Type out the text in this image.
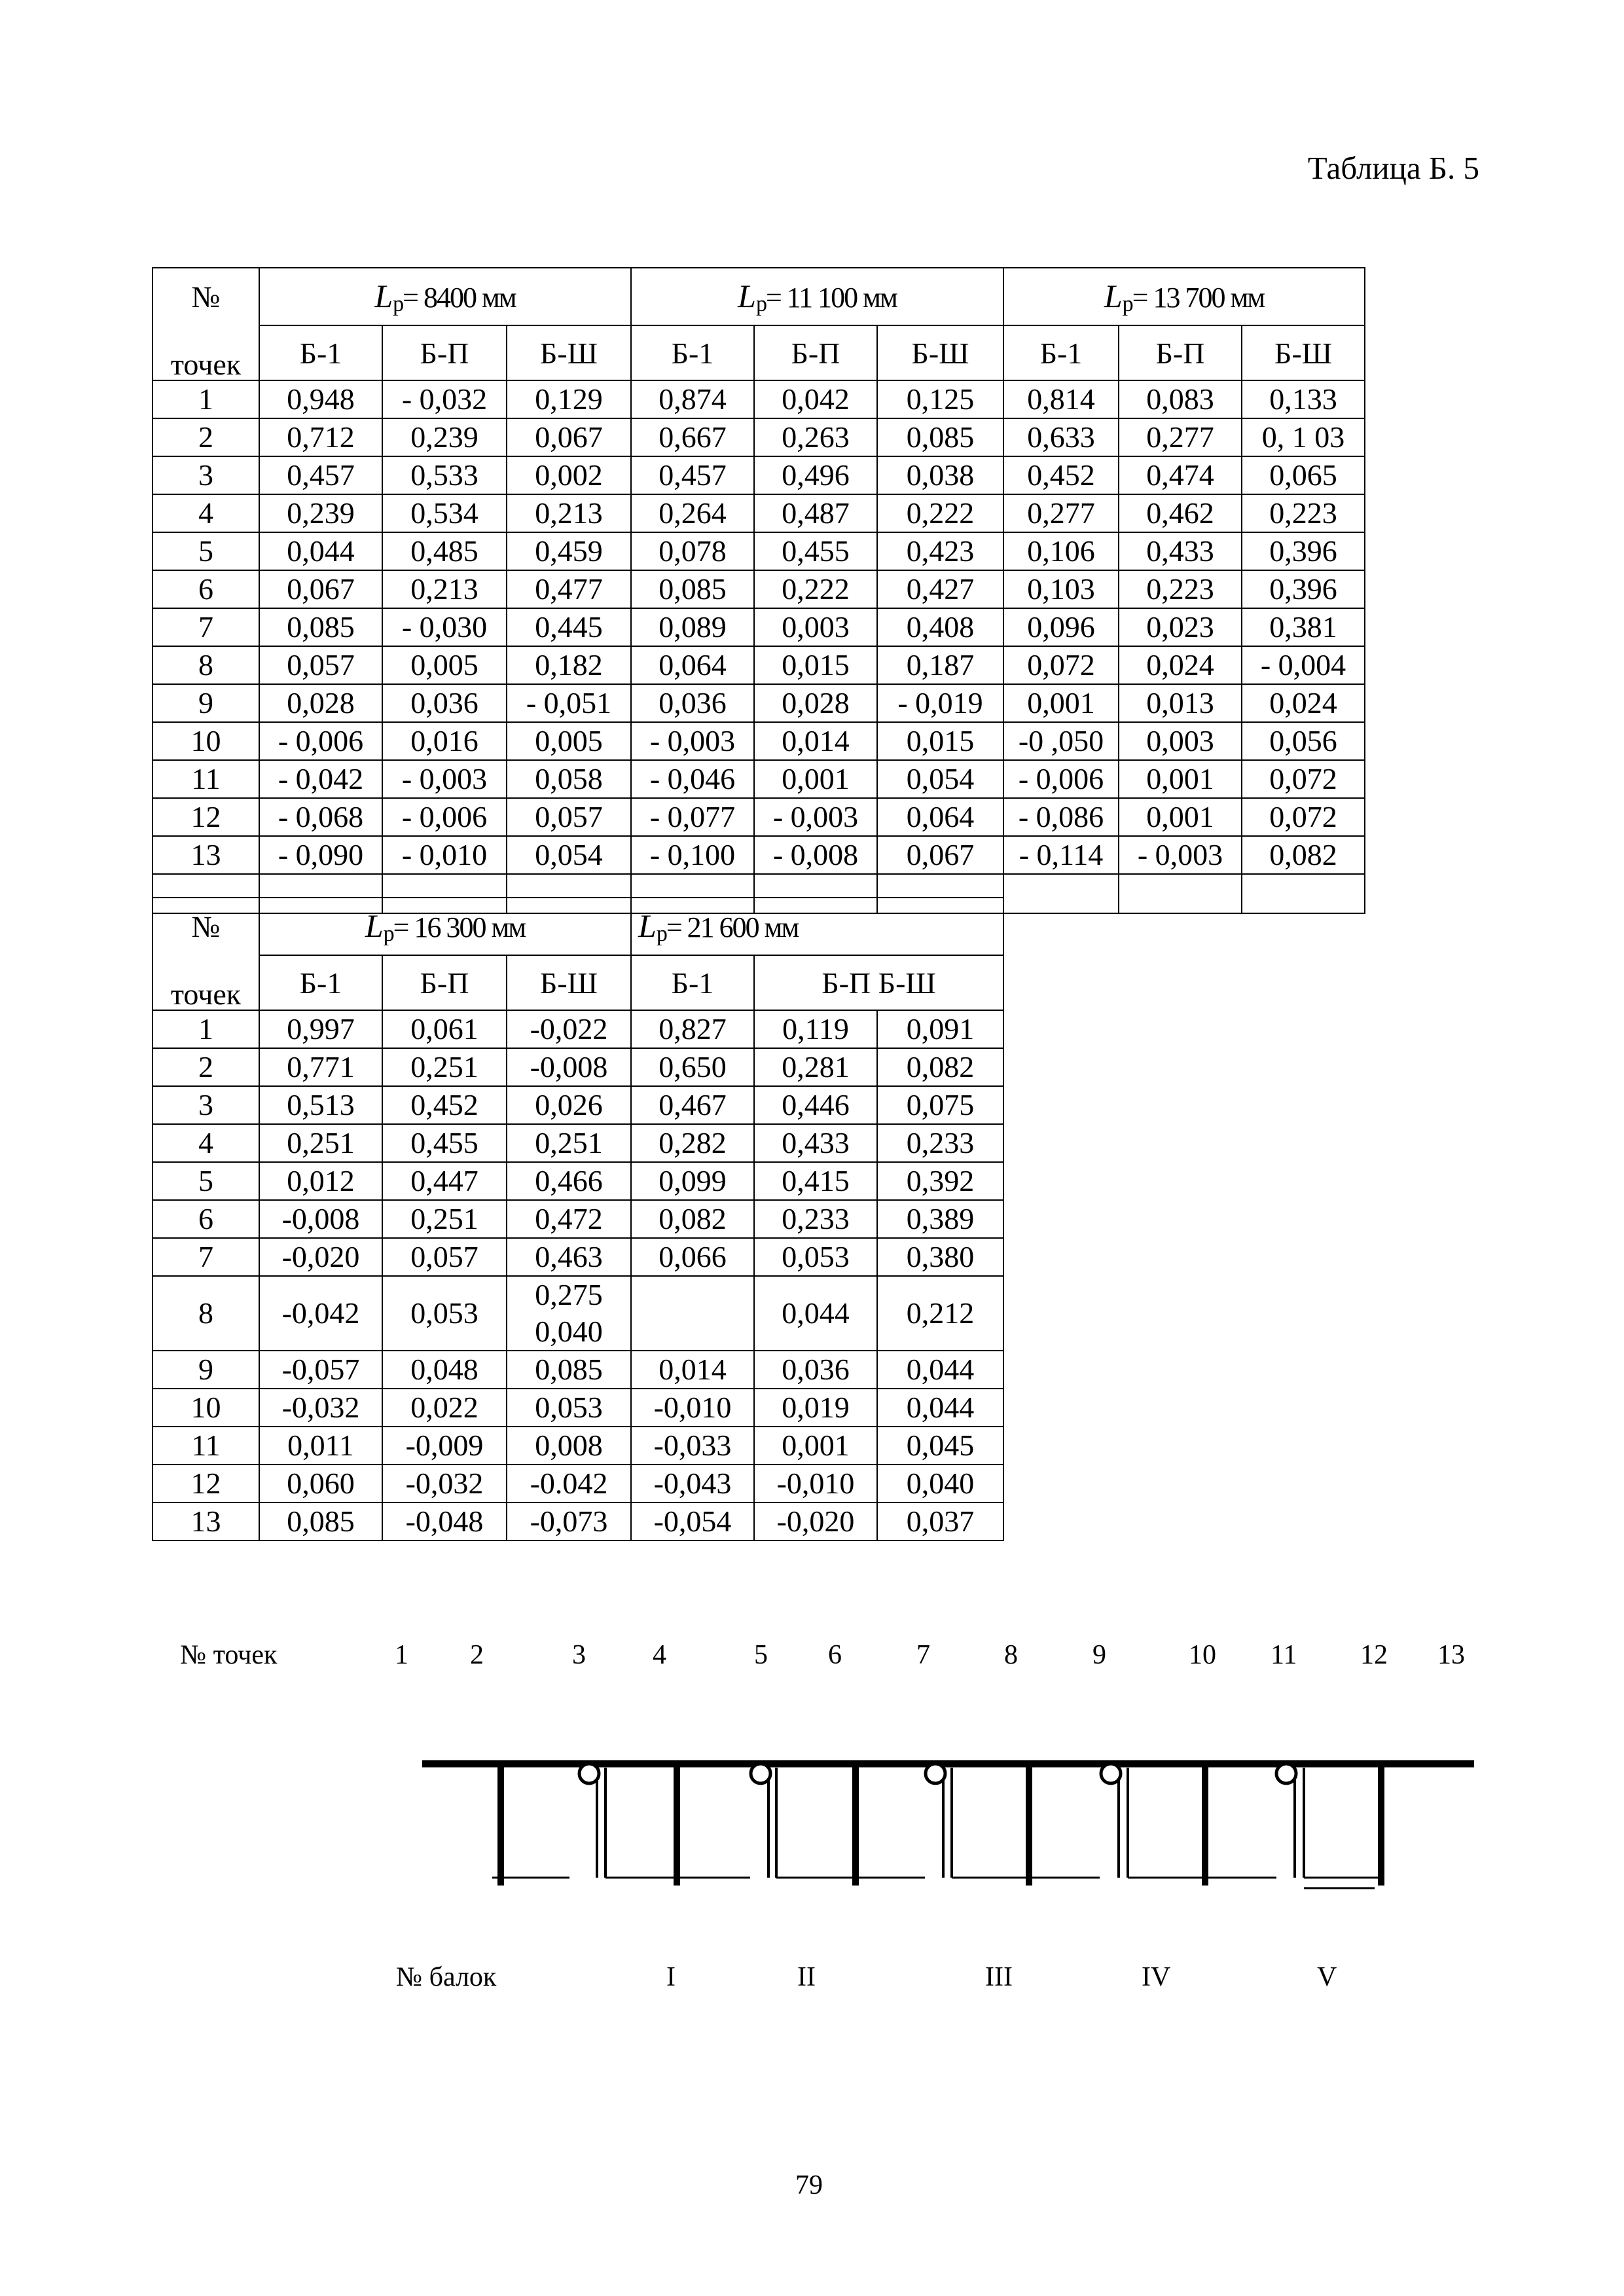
Таблица Б. 5
№	Lр= 8400 мм			Lр= 11 100 мм			Lр= 13 700 мм		
точек	Б-1	Б-П	Б-Ш	Б-1	Б-П	Б-Ш	Б-1	Б-П	Б-Ш
1	0,948	- 0,032	0,129	0,874	0,042	0,125	0,814	0,083	0,133
2	0,712	0,239	0,067	0,667	0,263	0,085	0,633	0,277	0, 1 03
3	0,457	0,533	0,002	0,457	0,496	0,038	0,452	0,474	0,065
4	0,239	0,534	0,213	0,264	0,487	0,222	0,277	0,462	0,223
5	0,044	0,485	0,459	0,078	0,455	0,423	0,106	0,433	0,396
6	0,067	0,213	0,477	0,085	0,222	0,427	0,103	0,223	0,396
7	0,085	- 0,030	0,445	0,089	0,003	0,408	0,096	0,023	0,381
8	0,057	0,005	0,182	0,064	0,015	0,187	0,072	0,024	- 0,004
9	0,028	0,036	- 0,051	0,036	0,028	- 0,019	0,001	0,013	0,024
10	- 0,006	0,016	0,005	- 0,003	0,014	0,015	-0 ,050	0,003	0,056
11	- 0,042	- 0,003	0,058	- 0,046	0,001	0,054	- 0,006	0,001	0,072
12	- 0,068	- 0,006	0,057	- 0,077	- 0,003	0,064	- 0,086	0,001	0,072
13	- 0,090	- 0,010	0,054	- 0,100	- 0,008	0,067	- 0,114	- 0,003	0,082

№	Lр= 16 300 мм			Lр= 21 600 мм		
точек	Б-1	Б-П	Б-Ш	Б-1	Б-П Б-Ш	
1	0,997	0,061	-0,022	0,827	0,119	0,091
2	0,771	0,251	-0,008	0,650	0,281	0,082
3	0,513	0,452	0,026	0,467	0,446	0,075
4	0,251	0,455	0,251	0,282	0,433	0,233
5	0,012	0,447	0,466	0,099	0,415	0,392
6	-0,008	0,251	0,472	0,082	0,233	0,389
7	-0,020	0,057	0,463	0,066	0,053	0,380
8	-0,042	0,053	0,275 0,040		0,044	0,212
9	-0,057	0,048	0,085	0,014	0,036	0,044
10	-0,032	0,022	0,053	-0,010	0,019	0,044
11	0,011	-0,009	0,008	-0,033	0,001	0,045
12	0,060	-0,032	-0.042	-0,043	-0,010	0,040
13	0,085	-0,048	-0,073	-0,054	-0,020	0,037
№ точек	1 2	3 4	5 6	7	8	9	10 11 12 13
№ балок	I	II	III	IV	V
79
